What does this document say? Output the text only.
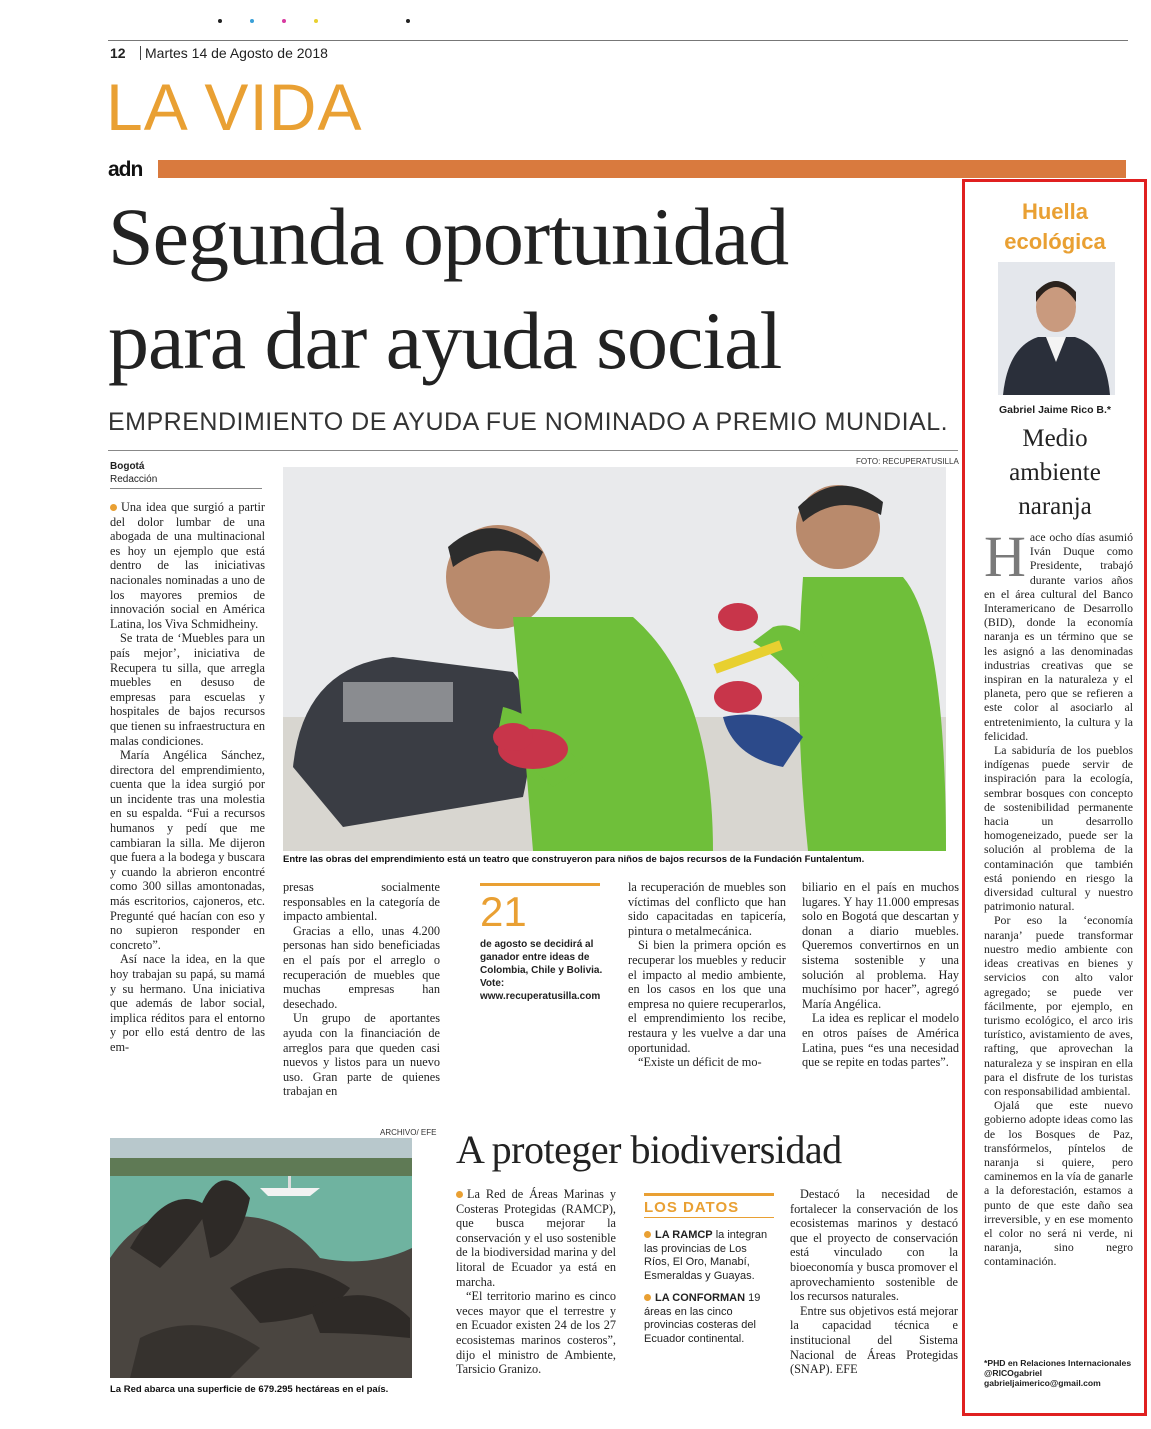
12 Martes 14 de Agosto de 2018
LA VIDA
adn
Segunda oportunidad
para dar ayuda social
EMPRENDIMIENTO DE AYUDA FUE NOMINADO A PREMIO MUNDIAL.
Bogotá
Redacción
FOTO: RECUPERATUSILLA
Entre las obras del emprendimiento está un teatro que construyeron para niños de bajos recursos de la Fundación Funtalentum.

Una idea que surgió a partir del dolor lumbar de una abogada de una multinacional es hoy un ejemplo que está dentro de las iniciativas nacionales nominadas a uno de los mayores premios de innovación social en América Latina, los Viva Schmidheiny.

Se trata de ‘Muebles para un país mejor’, iniciativa de Recupera tu silla, que arregla muebles en desuso de empresas para escuelas y hospitales de bajos recursos que tienen su infraestructura en malas condiciones.

María Angélica Sánchez, directora del emprendimiento, cuenta que la idea surgió por un incidente tras una molestia en su espalda. “Fui a recursos humanos y pedí que me cambiaran la silla. Me dijeron que fuera a la bodega y buscara y cuando la abrieron encontré como 300 sillas amontonadas, más escritorios, cajoneros, etc. Pregunté qué hacían con eso y no supieron responder en concreto”.

Así nace la idea, en la que hoy trabajan su papá, su mamá y su hermano. Una iniciativa que además de labor social, implica réditos para el entorno y por ello está dentro de las em-

presas socialmente responsables en la categoría de impacto ambiental.

Gracias a ello, unas 4.200 personas han sido beneficiadas en el país por el arreglo o recuperación de muebles que muchas empresas han desechado.

Un grupo de aportantes ayuda con la financiación de arreglos para que queden casi nuevos y listos para un nuevo uso. Gran parte de quienes trabajan en

21
de agosto se decidirá al ganador entre ideas de Colombia, Chile y Bolivia. Vote: www.recuperatusilla.com

la recuperación de muebles son víctimas del conflicto que han sido capacitadas en tapicería, pintura o metalmecánica.

Si bien la primera opción es recuperar los muebles y reducir el impacto al medio ambiente, en los casos en los que una empresa no quiere recuperarlos, el emprendimiento los recibe, restaura y les vuelve a dar una oportunidad.

“Existe un déficit de mo-

biliario en el país en muchos lugares. Y hay 11.000 empresas solo en Bogotá que descartan y donan a diario muebles. Queremos convertirnos en un sistema sostenible y una solución al problema. Hay muchísimo por hacer”, agregó María Angélica.

La idea es replicar el modelo en otros países de América Latina, pues “es una necesidad que se repite en todas partes”.

ARCHIVO/ EFE
La Red abarca una superficie de 679.295 hectáreas en el país.
A proteger biodiversidad

La Red de Áreas Marinas y Costeras Protegidas (RAMCP), que busca mejorar la conservación y el uso sostenible de la biodiversidad marina y del litoral de Ecuador ya está en marcha.

“El territorio marino es cinco veces mayor que el terrestre y en Ecuador existen 24 de los 27 ecosistemas marinos costeros”, dijo el ministro de Ambiente, Tarsicio Granizo.

LOS DATOS
LA RAMCP la integran las provincias de Los Ríos, El Oro, Manabí, Esmeraldas y Guayas.
LA CONFORMAN 19 áreas en las cinco provincias costeras del Ecuador continental.

Destacó la necesidad de fortalecer la conservación de los ecosistemas marinos y destacó que el proyecto de conservación está vinculado con la bioeconomía y busca promover el aprovechamiento sostenible de los recursos naturales.

Entre sus objetivos está mejorar la capacidad técnica e institucional del Sistema Nacional de Áreas Protegidas (SNAP). EFE

Huella
ecológica
Gabriel Jaime Rico B.*
Medio
ambiente
naranja

Hace ocho días asumió Iván Duque como Presidente, trabajó durante varios años en el área cultural del Banco Interamericano de Desarrollo (BID), donde la economía naranja es un término que se les asignó a las denominadas industrias creativas que se inspiran en la naturaleza y el planeta, pero que se refieren a este color al asociarlo al entretenimiento, la cultura y la felicidad.

La sabiduría de los pueblos indígenas puede servir de inspiración para la ecología, sembrar bosques con concepto de sostenibilidad permanente hacia un desarrollo homogeneizado, puede ser la solución al problema de la contaminación que también está poniendo en riesgo la diversidad cultural y nuestro patrimonio natural.

Por eso la ‘economía naranja’ puede transformar nuestro medio ambiente con ideas creativas en bienes y servicios con alto valor agregado; se puede ver fácilmente, por ejemplo, en turismo ecológico, el arco iris turístico, avistamiento de aves, rafting, que aprovechan la naturaleza y se inspiran en ella para el disfrute de los turistas con responsabilidad ambiental.

Ojalá que este nuevo gobierno adopte ideas como las de los Bosques de Paz, transfórmelos, píntelos de naranja si quiere, pero caminemos en la vía de ganarle a la deforestación, estamos a punto de que este daño sea irreversible, y en ese momento el color no será ni verde, ni naranja, sino negro contaminación.

*PHD en Relaciones Internacionales
@RICOgabriel
gabrieljaimerico@gmail.com
